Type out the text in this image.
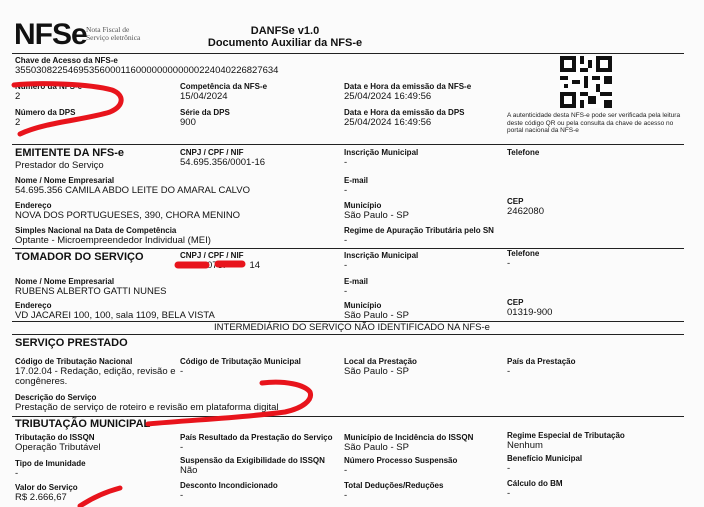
NFSe Nota Fiscal de
Serviço eletrônica
DANFSe v1.0
Documento Auxiliar da NFS-e
A autenticidade desta NFS-e pode ser verificada pela leitura deste código QR ou pela consulta da chave de acesso no portal nacional da NFS-e
Chave de Acesso da NFS-e
35503082254695356000116000000000000224040226827634
Número da NFS-e
2
Competência da NFS-e
15/04/2024
Data e Hora da emissão da NFS-e
25/04/2024 16:49:56
Número da DPS
2
Série da DPS
900
Data e Hora da emissão da DPS
25/04/2024 16:49:56
EMITENTE DA NFS-e
Prestador do Serviço
CNPJ / CPF / NIF
54.695.356/0001-16
Inscrição Municipal
-
Telefone
Nome / Nome Empresarial
54.695.356 CAMILA ABDO LEITE DO AMARAL CALVO
E-mail
-
Endereço
NOVA DOS PORTUGUESES, 390, CHORA MENINO
Município
São Paulo - SP
CEP
2462080
Simples Nacional na Data de Competência
Optante - Microempreendedor Individual (MEI)
Regime de Apuração Tributária pelo SN
-
TOMADOR DO SERVIÇO	CNPJ / CPF / NIF
073.	14
Inscrição Municipal
-
Telefone
-
Nome / Nome Empresarial
RUBENS ALBERTO GATTI NUNES
E-mail
-
Endereço
VD JACAREI 100, 100, sala 1109, BELA VISTA
Município
São Paulo - SP
CEP
01319-900
INTERMEDIÁRIO DO SERVIÇO NÃO IDENTIFICADO NA NFS-e
SERVIÇO PRESTADO
Código de Tributação Nacional
17.02.04 - Redação, edição, revisão e
congêneres.
Código de Tributação Municipal
-
Local da Prestação
São Paulo - SP
País da Prestação
-
Descrição do Serviço
Prestação de serviço de roteiro e revisão em plataforma digital
TRIBUTAÇÃO MUNICIPAL
Tributação do ISSQN
Operação Tributável
País Resultado da Prestação do Serviço
-
Município de Incidência do ISSQN
São Paulo - SP
Regime Especial de Tributação
Nenhum
Tipo de Imunidade
-
Suspensão da Exigibilidade do ISSQN
Não
Número Processo Suspensão
-
Benefício Municipal
-
Valor do Serviço
R$ 2.666,67
Desconto Incondicionado
-
Total Deduções/Reduções
-
Cálculo do BM
-
